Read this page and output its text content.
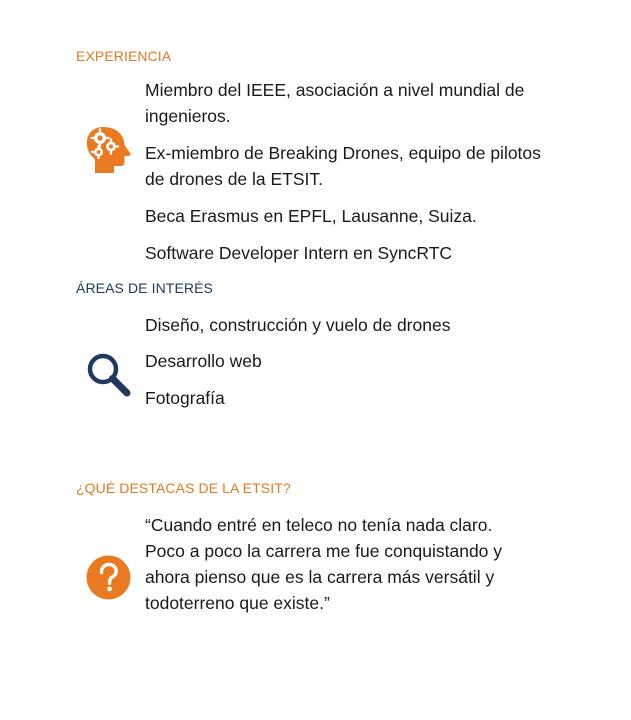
EXPERIENCIA

Miembro del IEEE, asociación a nivel mundial de

ingenieros.

Ex-miembro de Breaking Drones, equipo de pilotos

de drones de la ETSIT.

Beca Erasmus en EPFL, Lausanne, Suiza.

Software Developer Intern en SyncRTC

ÁREAS DE INTERÉS

Diseño, construcción y vuelo de drones

Desarrollo web

Fotografía

¿QUÉ DESTACAS DE LA ETSIT?

“Cuando entré en teleco no tenía nada claro.

Poco a poco la carrera me fue conquistando y

ahora pienso que es la carrera más versátil y

todoterreno que existe.”
